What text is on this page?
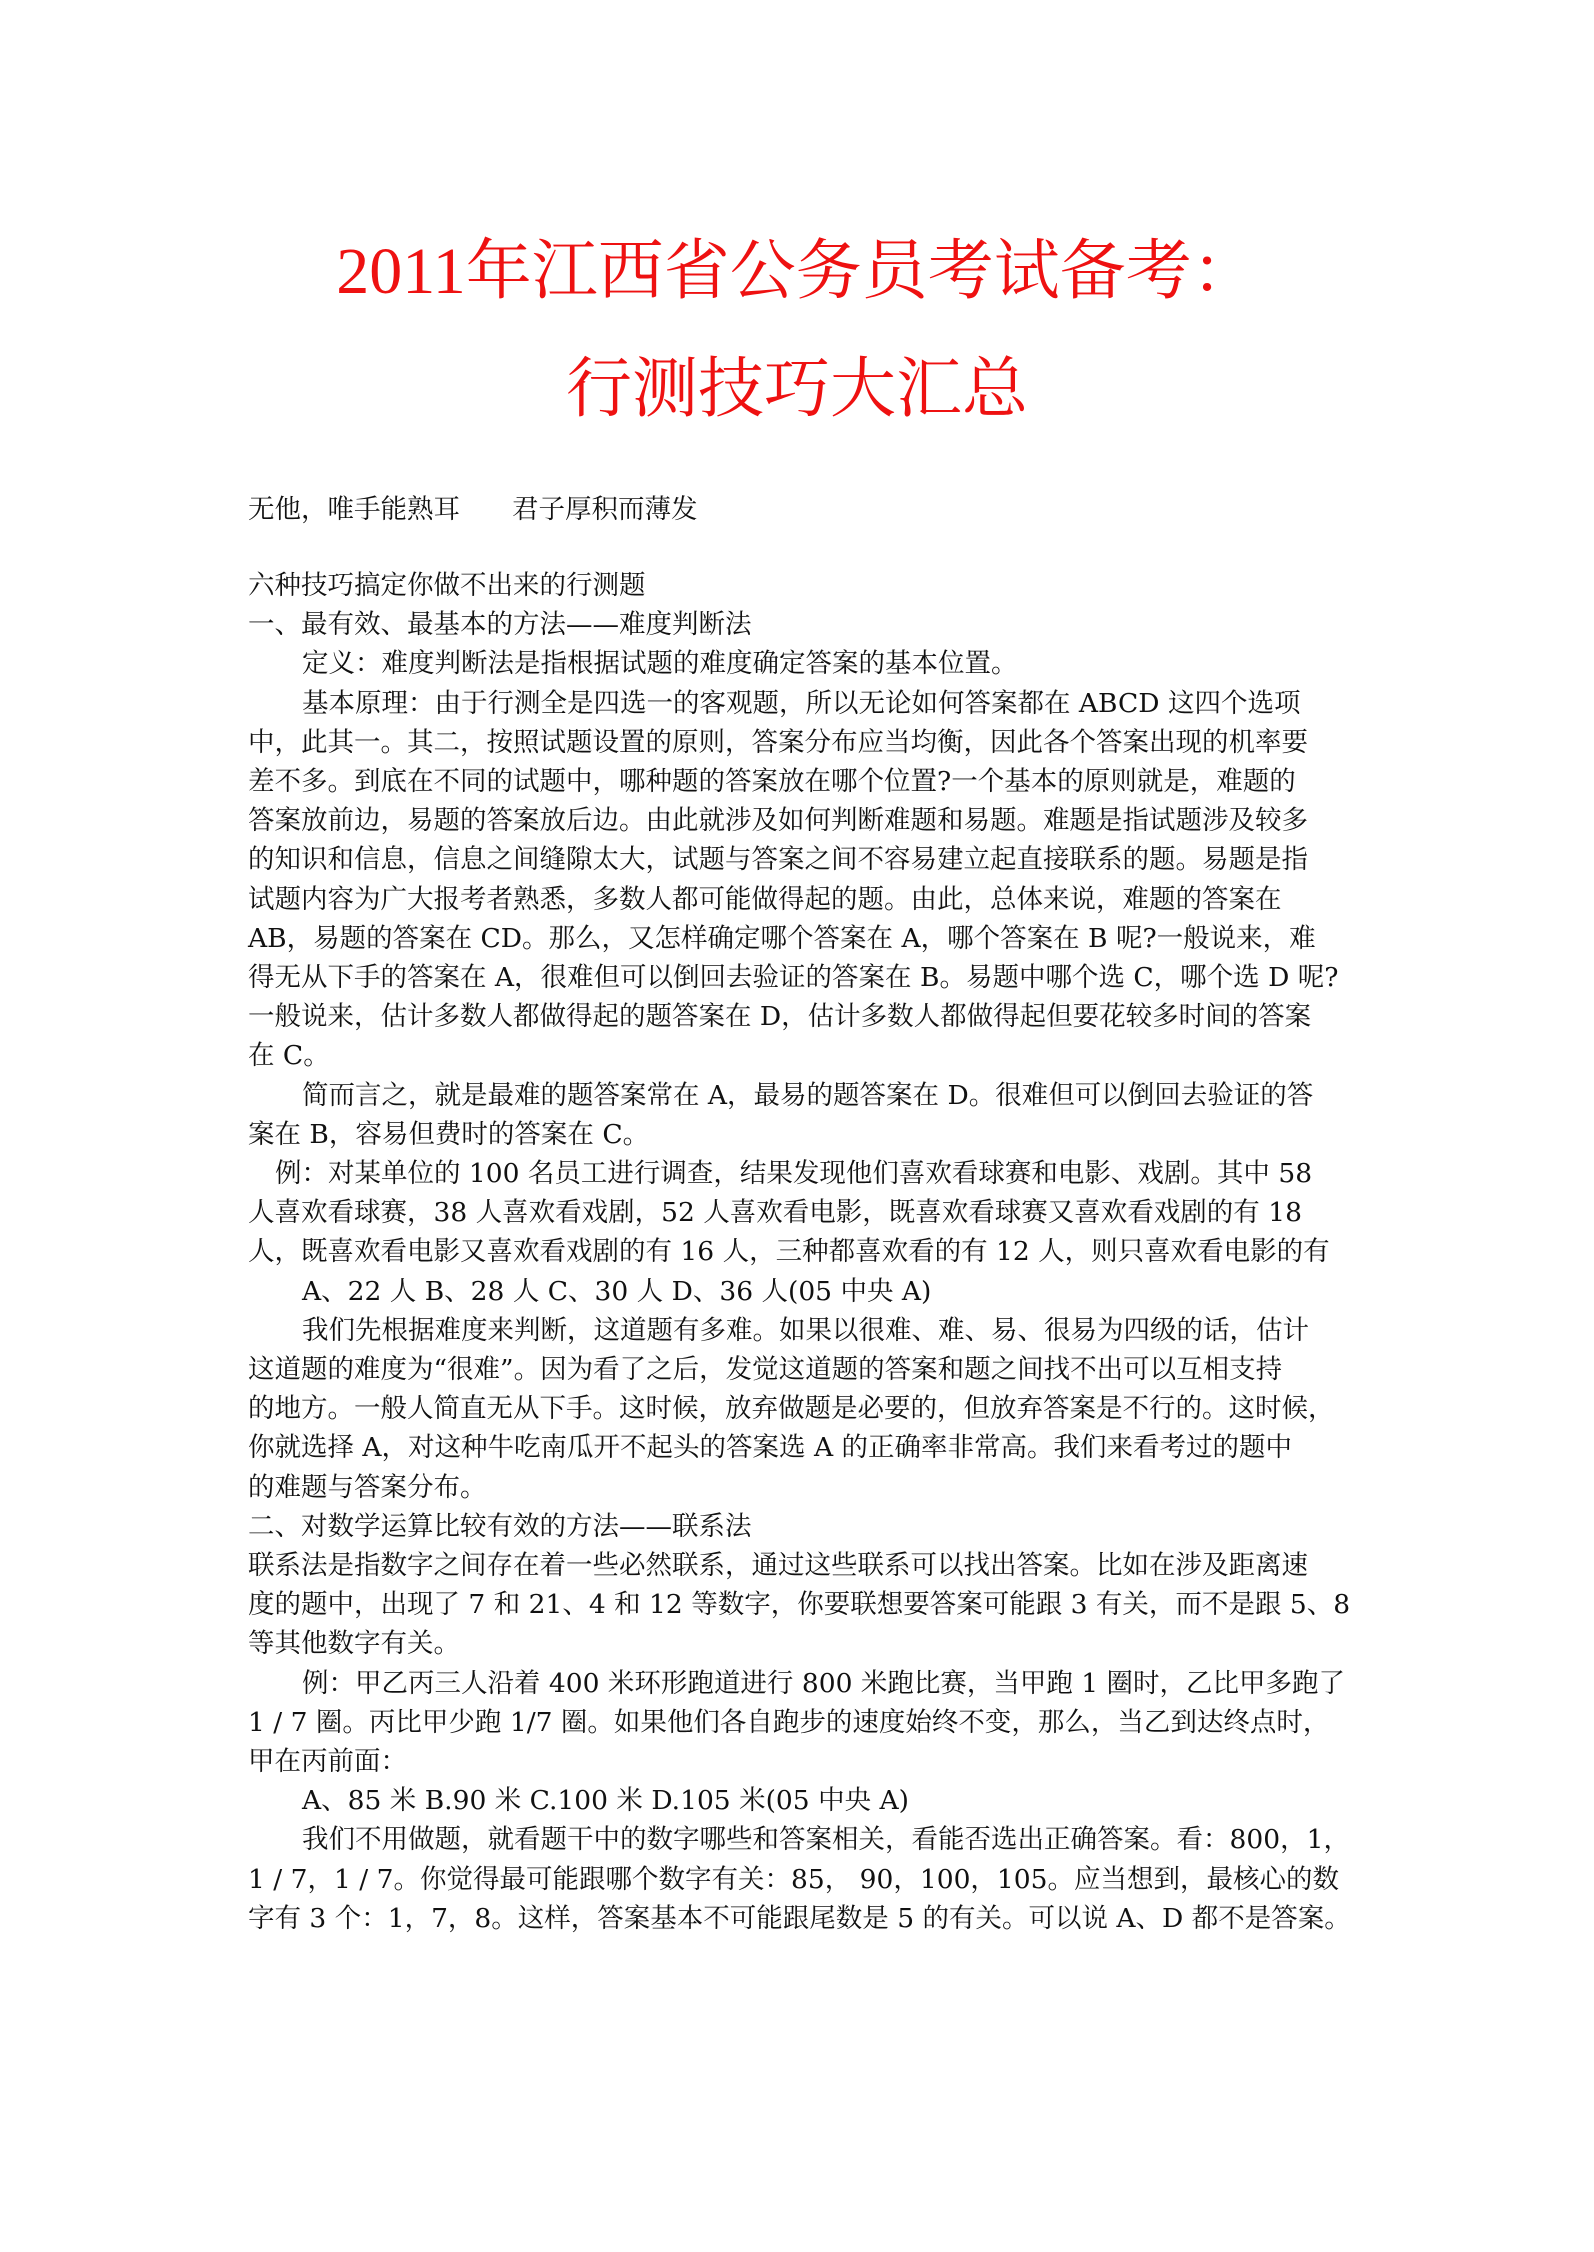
2011年江西省公务员考试备考：
行测技巧大汇总
无他，唯手能熟耳 君子厚积而薄发
六种技巧搞定你做不出来的行测题
一、最有效、最基本的方法——难度判断法
定义：难度判断法是指根据试题的难度确定答案的基本位置。
基本原理：由于行测全是四选一的客观题，所以无论如何答案都在 ABCD 这四个选项
中，此其一。其二，按照试题设置的原则，答案分布应当均衡，因此各个答案出现的机率要
差不多。到底在不同的试题中，哪种题的答案放在哪个位置?一个基本的原则就是，难题的
答案放前边，易题的答案放后边。由此就涉及如何判断难题和易题。难题是指试题涉及较多
的知识和信息，信息之间缝隙太大，试题与答案之间不容易建立起直接联系的题。易题是指
试题内容为广大报考者熟悉，多数人都可能做得起的题。由此，总体来说，难题的答案在
AB，易题的答案在 CD。那么，又怎样确定哪个答案在 A，哪个答案在 B 呢?一般说来，难
得无从下手的答案在 A，很难但可以倒回去验证的答案在 B。易题中哪个选 C，哪个选 D 呢?
一般说来，估计多数人都做得起的题答案在 D，估计多数人都做得起但要花较多时间的答案
在 C。
简而言之，就是最难的题答案常在 A，最易的题答案在 D。很难但可以倒回去验证的答
案在 B，容易但费时的答案在 C。
例：对某单位的 100 名员工进行调查，结果发现他们喜欢看球赛和电影、戏剧。其中 58
人喜欢看球赛，38 人喜欢看戏剧，52 人喜欢看电影，既喜欢看球赛又喜欢看戏剧的有 18
人，既喜欢看电影又喜欢看戏剧的有 16 人，三种都喜欢看的有 12 人，则只喜欢看电影的有
A、22 人 B、28 人 C、30 人 D、36 人(05 中央 A)
我们先根据难度来判断，这道题有多难。如果以很难、难、易、很易为四级的话，估计
这道题的难度为“很难”。因为看了之后，发觉这道题的答案和题之间找不出可以互相支持
的地方。一般人简直无从下手。这时候，放弃做题是必要的，但放弃答案是不行的。这时候，
你就选择 A，对这种牛吃南瓜开不起头的答案选 A 的正确率非常高。我们来看考过的题中
的难题与答案分布。
二、对数学运算比较有效的方法——联系法
联系法是指数字之间存在着一些必然联系，通过这些联系可以找出答案。比如在涉及距离速
度的题中，出现了 7 和 21、4 和 12 等数字，你要联想要答案可能跟 3 有关，而不是跟 5、8
等其他数字有关。
例：甲乙丙三人沿着 400 米环形跑道进行 800 米跑比赛，当甲跑 1 圈时，乙比甲多跑了
1 / 7 圈。丙比甲少跑 1/7 圈。如果他们各自跑步的速度始终不变，那么，当乙到达终点时，
甲在丙前面：
A、85 米 B.90 米 C.100 米 D.105 米(05 中央 A)
我们不用做题，就看题干中的数字哪些和答案相关，看能否选出正确答案。看：800，1，
1 / 7，1 / 7。你觉得最可能跟哪个数字有关：85， 90，100，105。应当想到，最核心的数
字有 3 个：1，7，8。这样，答案基本不可能跟尾数是 5 的有关。可以说 A、D 都不是答案。
